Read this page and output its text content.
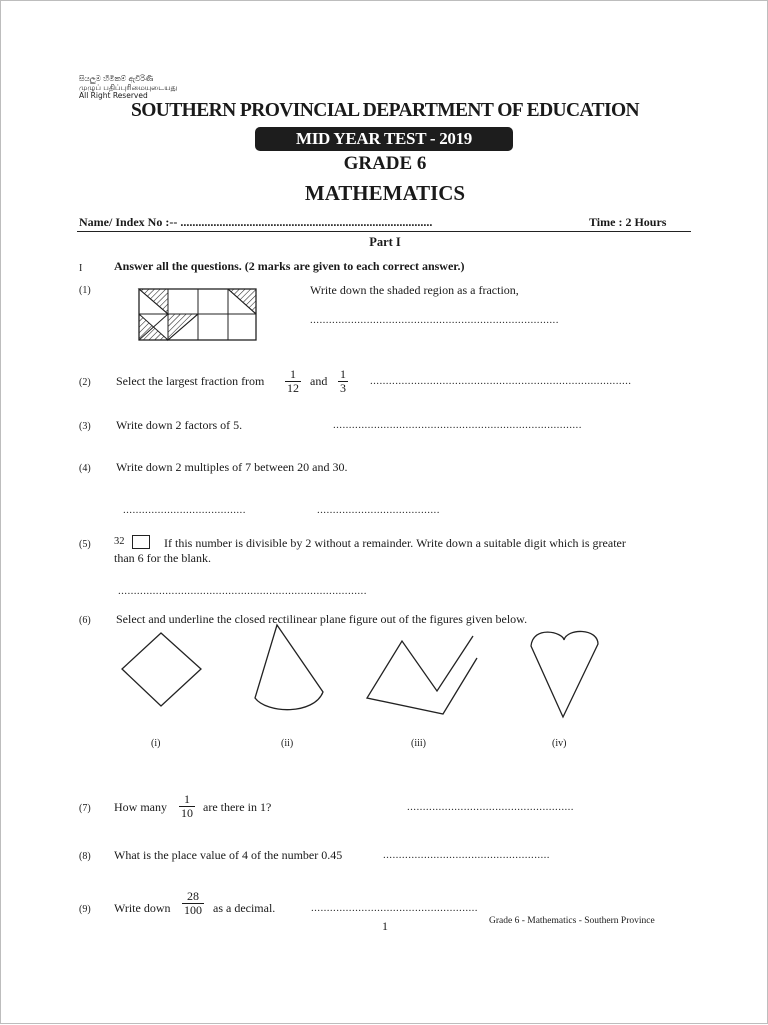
සියලුම හිමිකම් ඇවිරිණි
முழுப் பதிப்புரிமையுடையது
All Right Reserved
SOUTHERN PROVINCIAL DEPARTMENT OF EDUCATION
MID YEAR TEST - 2019
GRADE 6
MATHEMATICS
Name/ Index No :-- ....................................................................................	Time : 2 Hours
Part I
I	Answer all the questions. (2 marks are given to each correct answer.)
(1)	Write down the shaded region as a fraction,
...............................................................................
(2) Select the largest fraction from $\frac{1}{12}$ and $\frac{1}{3}$ ...................................................................................
(3) Write down 2 factors of 5.	...............................................................................
(4) Write down 2 multiples of 7 between 20 and 30.
.......................................	.......................................
(5) 32	If this number is divisible by 2 without a remainder. Write down a suitable digit which is greater
than 6 for the blank.
...............................................................................
(6) Select and underline the closed rectilinear plane figure out of the figures given below.
(i)	(ii)	(iii)	(iv)
(7) How many $\frac{1}{10}$ are there in 1?	.....................................................
(8) What is the place value of 4 of the number 0.45	.....................................................
(9) Write down $\frac{28}{100}$ as a decimal.	.....................................................
1	Grade 6 - Mathematics - Southern Province
